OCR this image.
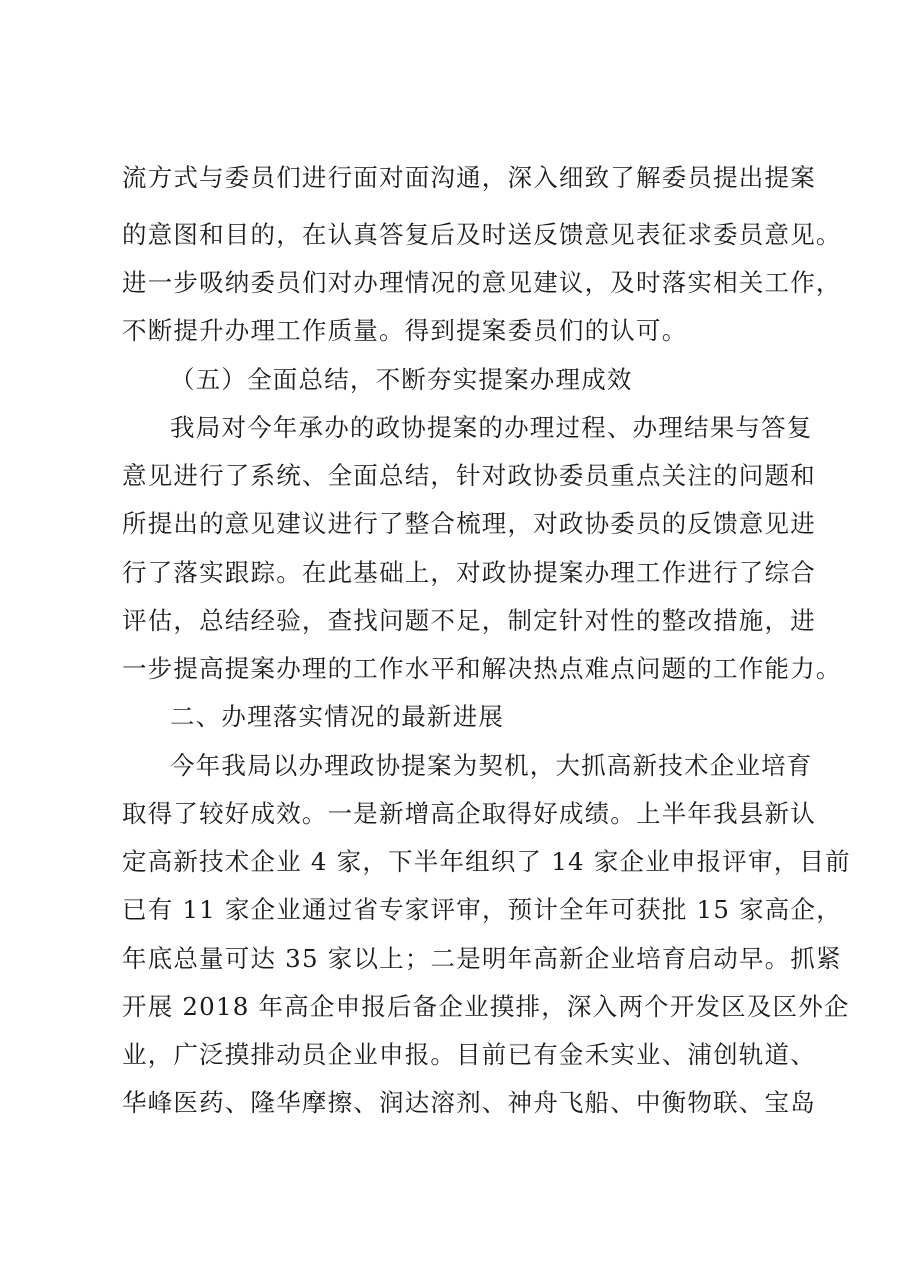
流方式与委员们进行面对面沟通，深入细致了解委员提出提案
的意图和目的，在认真答复后及时送反馈意见表征求委员意见。
进一步吸纳委员们对办理情况的意见建议，及时落实相关工作，
不断提升办理工作质量。得到提案委员们的认可。
（五）全面总结，不断夯实提案办理成效
我局对今年承办的政协提案的办理过程、办理结果与答复
意见进行了系统、全面总结，针对政协委员重点关注的问题和
所提出的意见建议进行了整合梳理，对政协委员的反馈意见进
行了落实跟踪。在此基础上，对政协提案办理工作进行了综合
评估，总结经验，查找问题不足，制定针对性的整改措施，进
一步提高提案办理的工作水平和解决热点难点问题的工作能力。
二、办理落实情况的最新进展
今年我局以办理政协提案为契机，大抓高新技术企业培育
取得了较好成效。一是新增高企取得好成绩。上半年我县新认
定高新技术企业 4 家，下半年组织了 14 家企业申报评审，目前
已有 11 家企业通过省专家评审，预计全年可获批 15 家高企，
年底总量可达 35 家以上；二是明年高新企业培育启动早。抓紧
开展 2018 年高企申报后备企业摸排，深入两个开发区及区外企
业，广泛摸排动员企业申报。目前已有金禾实业、浦创轨道、
华峰医药、隆华摩擦、润达溶剂、神舟飞船、中衡物联、宝岛
